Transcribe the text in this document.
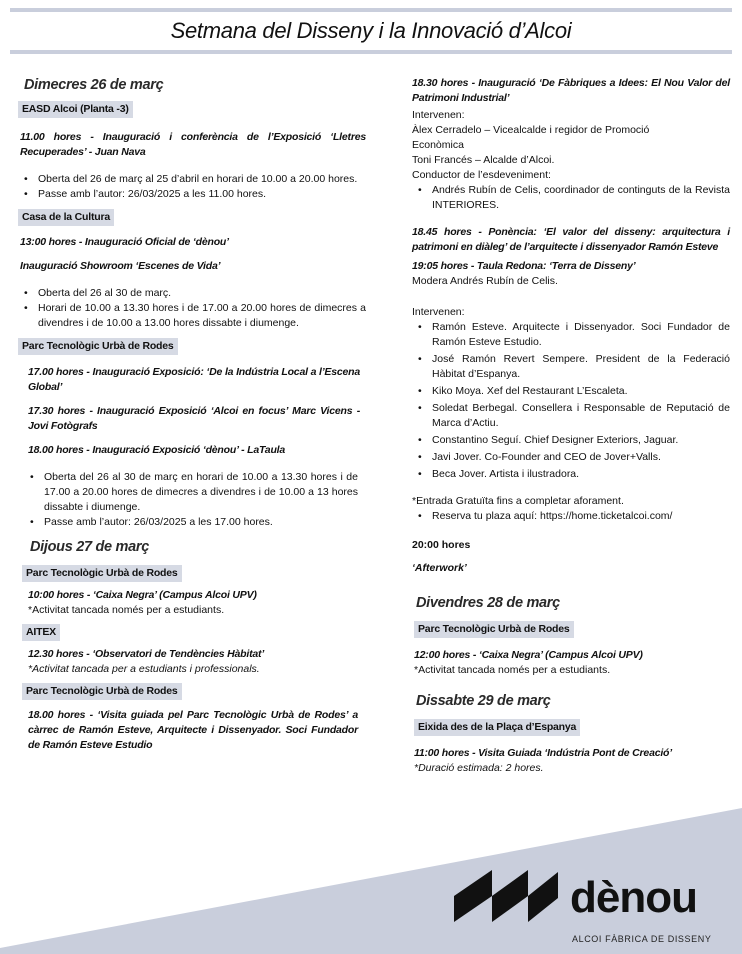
Setmana del Disseny i la Innovació d’Alcoi
Dimecres 26 de març
EASD Alcoi (Planta -3)
11.00 hores - Inauguració i conferència de l’Exposició ‘Lletres Recuperades’ - Juan Nava
• Oberta del 26 de març al 25 d’abril en horari de 10.00 a 20.00 hores.
• Passe amb l’autor: 26/03/2025 a les 11.00 hores.
Casa de la Cultura
13:00 hores - Inauguració Oficial de ‘dènou’
Inauguració Showroom ‘Escenes de Vida’
• Oberta del 26 al 30 de març.
• Horari de 10.00 a 13.30 hores i de 17.00 a 20.00 hores de dimecres a divendres i de 10.00 a 13.00 hores dissabte i diumenge.
Parc Tecnològic Urbà de Rodes
17.00 hores - Inauguració Exposició: ‘De la Indústria Local a l’Escena Global’
17.30 hores - Inauguració Exposició ‘Alcoi en focus’ Marc Vicens - Jovi Fotògrafs
18.00 hores - Inauguració Exposició ‘dènou’ - LaTaula
• Oberta del 26 al 30 de març en horari de 10.00 a 13.30 hores i de 17.00 a 20.00 hores de dimecres a divendres i de 10.00 a 13 hores dissabte i diumenge.
• Passe amb l’autor: 26/03/2025 a les 17.00 hores.
Dijous 27 de març
Parc Tecnològic Urbà de Rodes
10:00 hores - ‘Caixa Negra’ (Campus Alcoi UPV)
*Activitat tancada només per a estudiants.
AITEX
12.30 hores - ‘Observatori de Tendències Hàbitat’
*Activitat tancada per a estudiants i professionals.
Parc Tecnològic Urbà de Rodes
18.00 hores - ‘Visita guiada pel Parc Tecnològic Urbà de Rodes’ a càrrec de Ramón Esteve, Arquitecte i Dissenyador. Soci Fundador de Ramón Esteve Estudio
18.30 hores - Inauguració ‘De Fàbriques a Idees: El Nou Valor del Patrimoni Industrial’
Intervenen:
Àlex Cerradelo – Vicealcalde i regidor de Promoció Econòmica
Toni Francés – Alcalde d’Alcoi.
Conductor de l’esdeveniment:
• Andrés Rubín de Celis, coordinador de continguts de la Revista INTERIORES.
18.45 hores - Ponència: ‘El valor del disseny: arquitectura i patrimoni en diàleg’ de l’arquitecte i dissenyador Ramón Esteve
19:05 hores - Taula Redona: ‘Terra de Disseny’
Modera Andrés Rubín de Celis.
Intervenen:
• Ramón Esteve. Arquitecte i Dissenyador. Soci Fundador de Ramón Esteve Estudio.
• José Ramón Revert Sempere. President de la Federació Hàbitat d’Espanya.
• Kiko Moya. Xef del Restaurant L’Escaleta.
• Soledat Berbegal. Consellera i Responsable de Reputació de Marca d’Actiu.
• Constantino Seguí. Chief Designer Exteriors, Jaguar.
• Javi Jover. Co-Founder and CEO de Jover+Valls.
• Beca Jover. Artista i ilustradora.
*Entrada Gratuïta fins a completar aforament.
• Reserva tu plaza aquí: https://home.ticketalcoi.com/
20:00 hores
‘Afterwork’
Divendres 28 de març
Parc Tecnològic Urbà de Rodes
12:00 hores - ‘Caixa Negra’ (Campus Alcoi UPV)
*Activitat tancada només per a estudiants.
Dissabte 29 de març
Eixida des de la Plaça d’Espanya
11:00 hores - Visita Guiada ‘Indústria Pont de Creació’
*Duració estimada: 2 hores.
dènou
ALCOI FÀBRICA DE DISSENY
